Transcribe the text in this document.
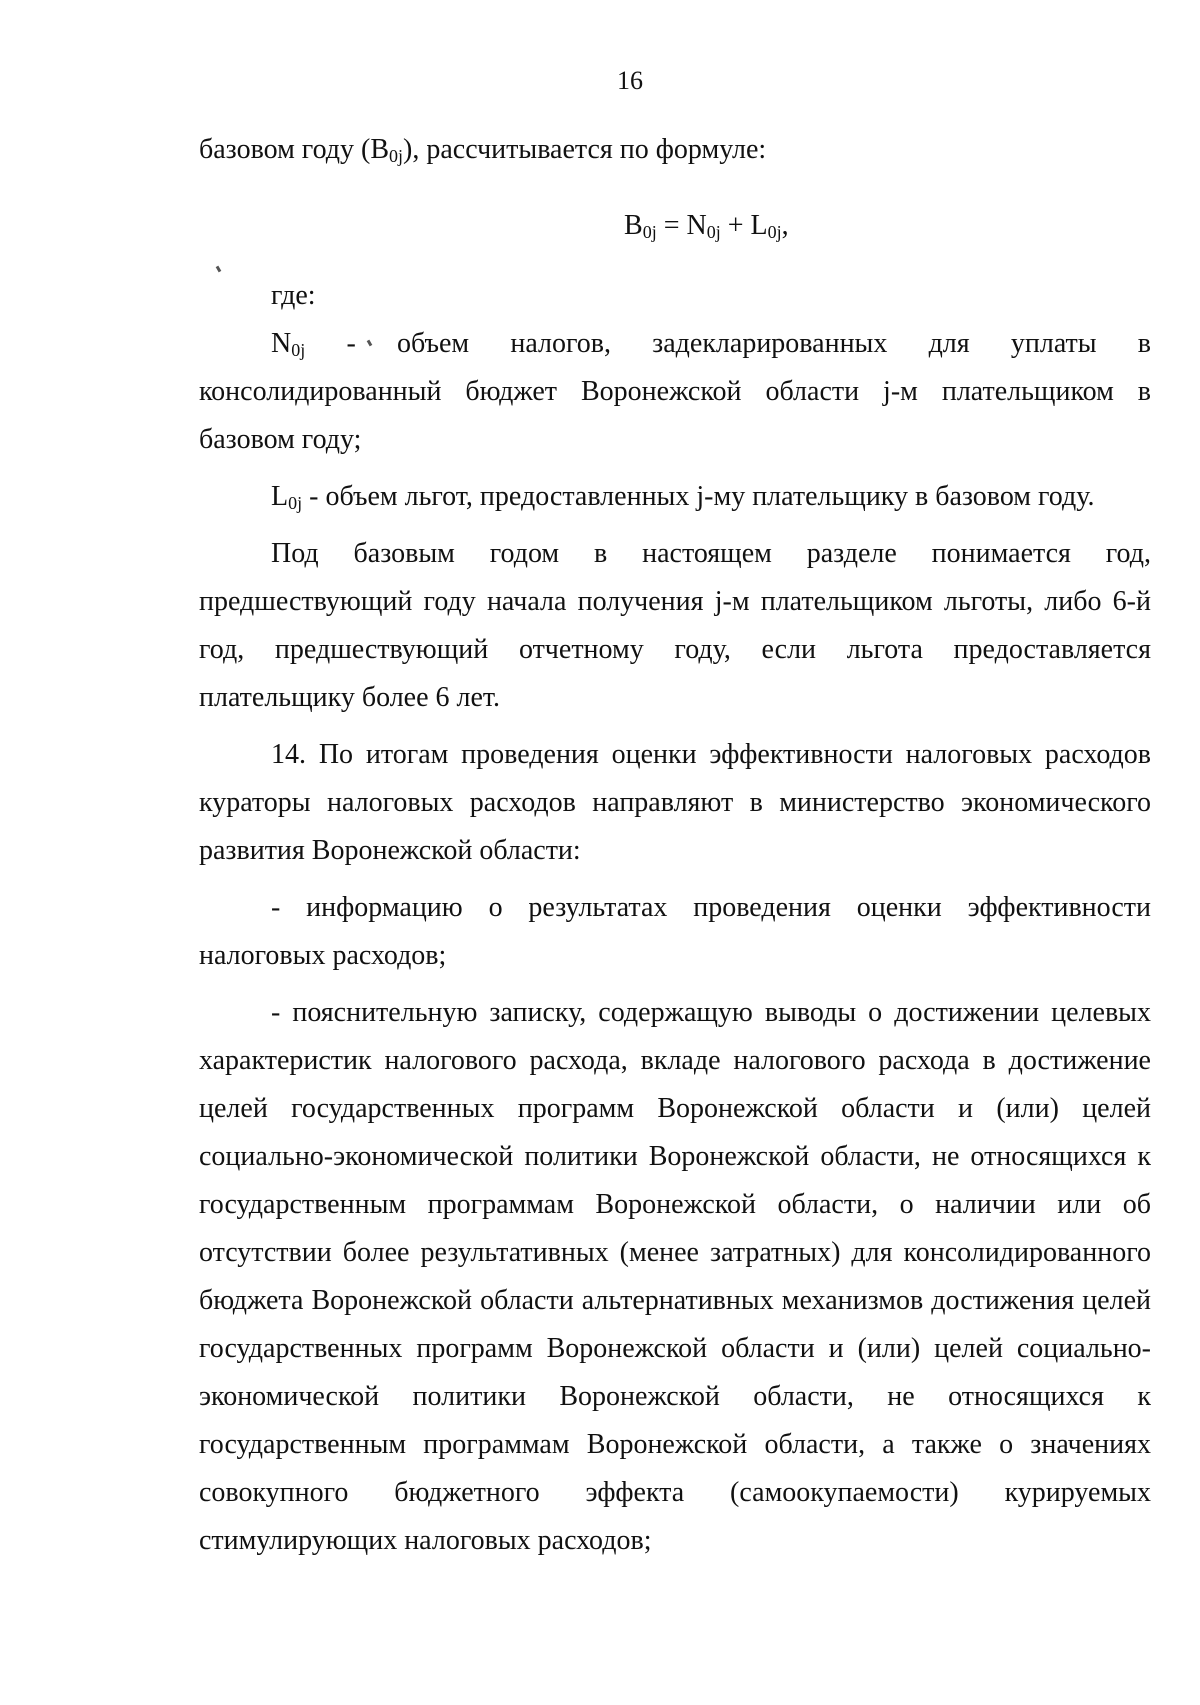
16

базовом году $(B_{0j})$, рассчитывается по формуле:

$B_{0j} = N_{0j} + L_{0j}$,

где:

$N_{0j}$ - объем налогов, задекларированных для уплаты в

консолидированный бюджет Воронежской области j-м плательщиком в

базовом году;

$L_{0j}$ - объем льгот, предоставленных j-му плательщику в базовом году.

Под базовым годом в настоящем разделе понимается год, предшествующий году начала получения j-м плательщиком льготы, либо 6-й год, предшествующий отчетному году, если льгота предоставляется плательщику более 6 лет.

14. По итогам проведения оценки эффективности налоговых расходов кураторы налоговых расходов направляют в министерство экономического развития Воронежской области:

- информацию о результатах проведения оценки эффективности налоговых расходов;

- пояснительную записку, содержащую выводы о достижении целевых характеристик налогового расхода, вкладе налогового расхода в достижение целей государственных программ Воронежской области и (или) целей социально-экономической политики Воронежской области, не относящихся к государственным программам Воронежской области, о наличии или об отсутствии более результативных (менее затратных) для консолидированного бюджета Воронежской области альтернативных механизмов достижения целей государственных программ Воронежской области и (или) целей социально-экономической политики Воронежской области, не относящихся к государственным программам Воронежской области, а также о значениях совокупного бюджетного эффекта (самоокупаемости) курируемых стимулирующих налоговых расходов;
